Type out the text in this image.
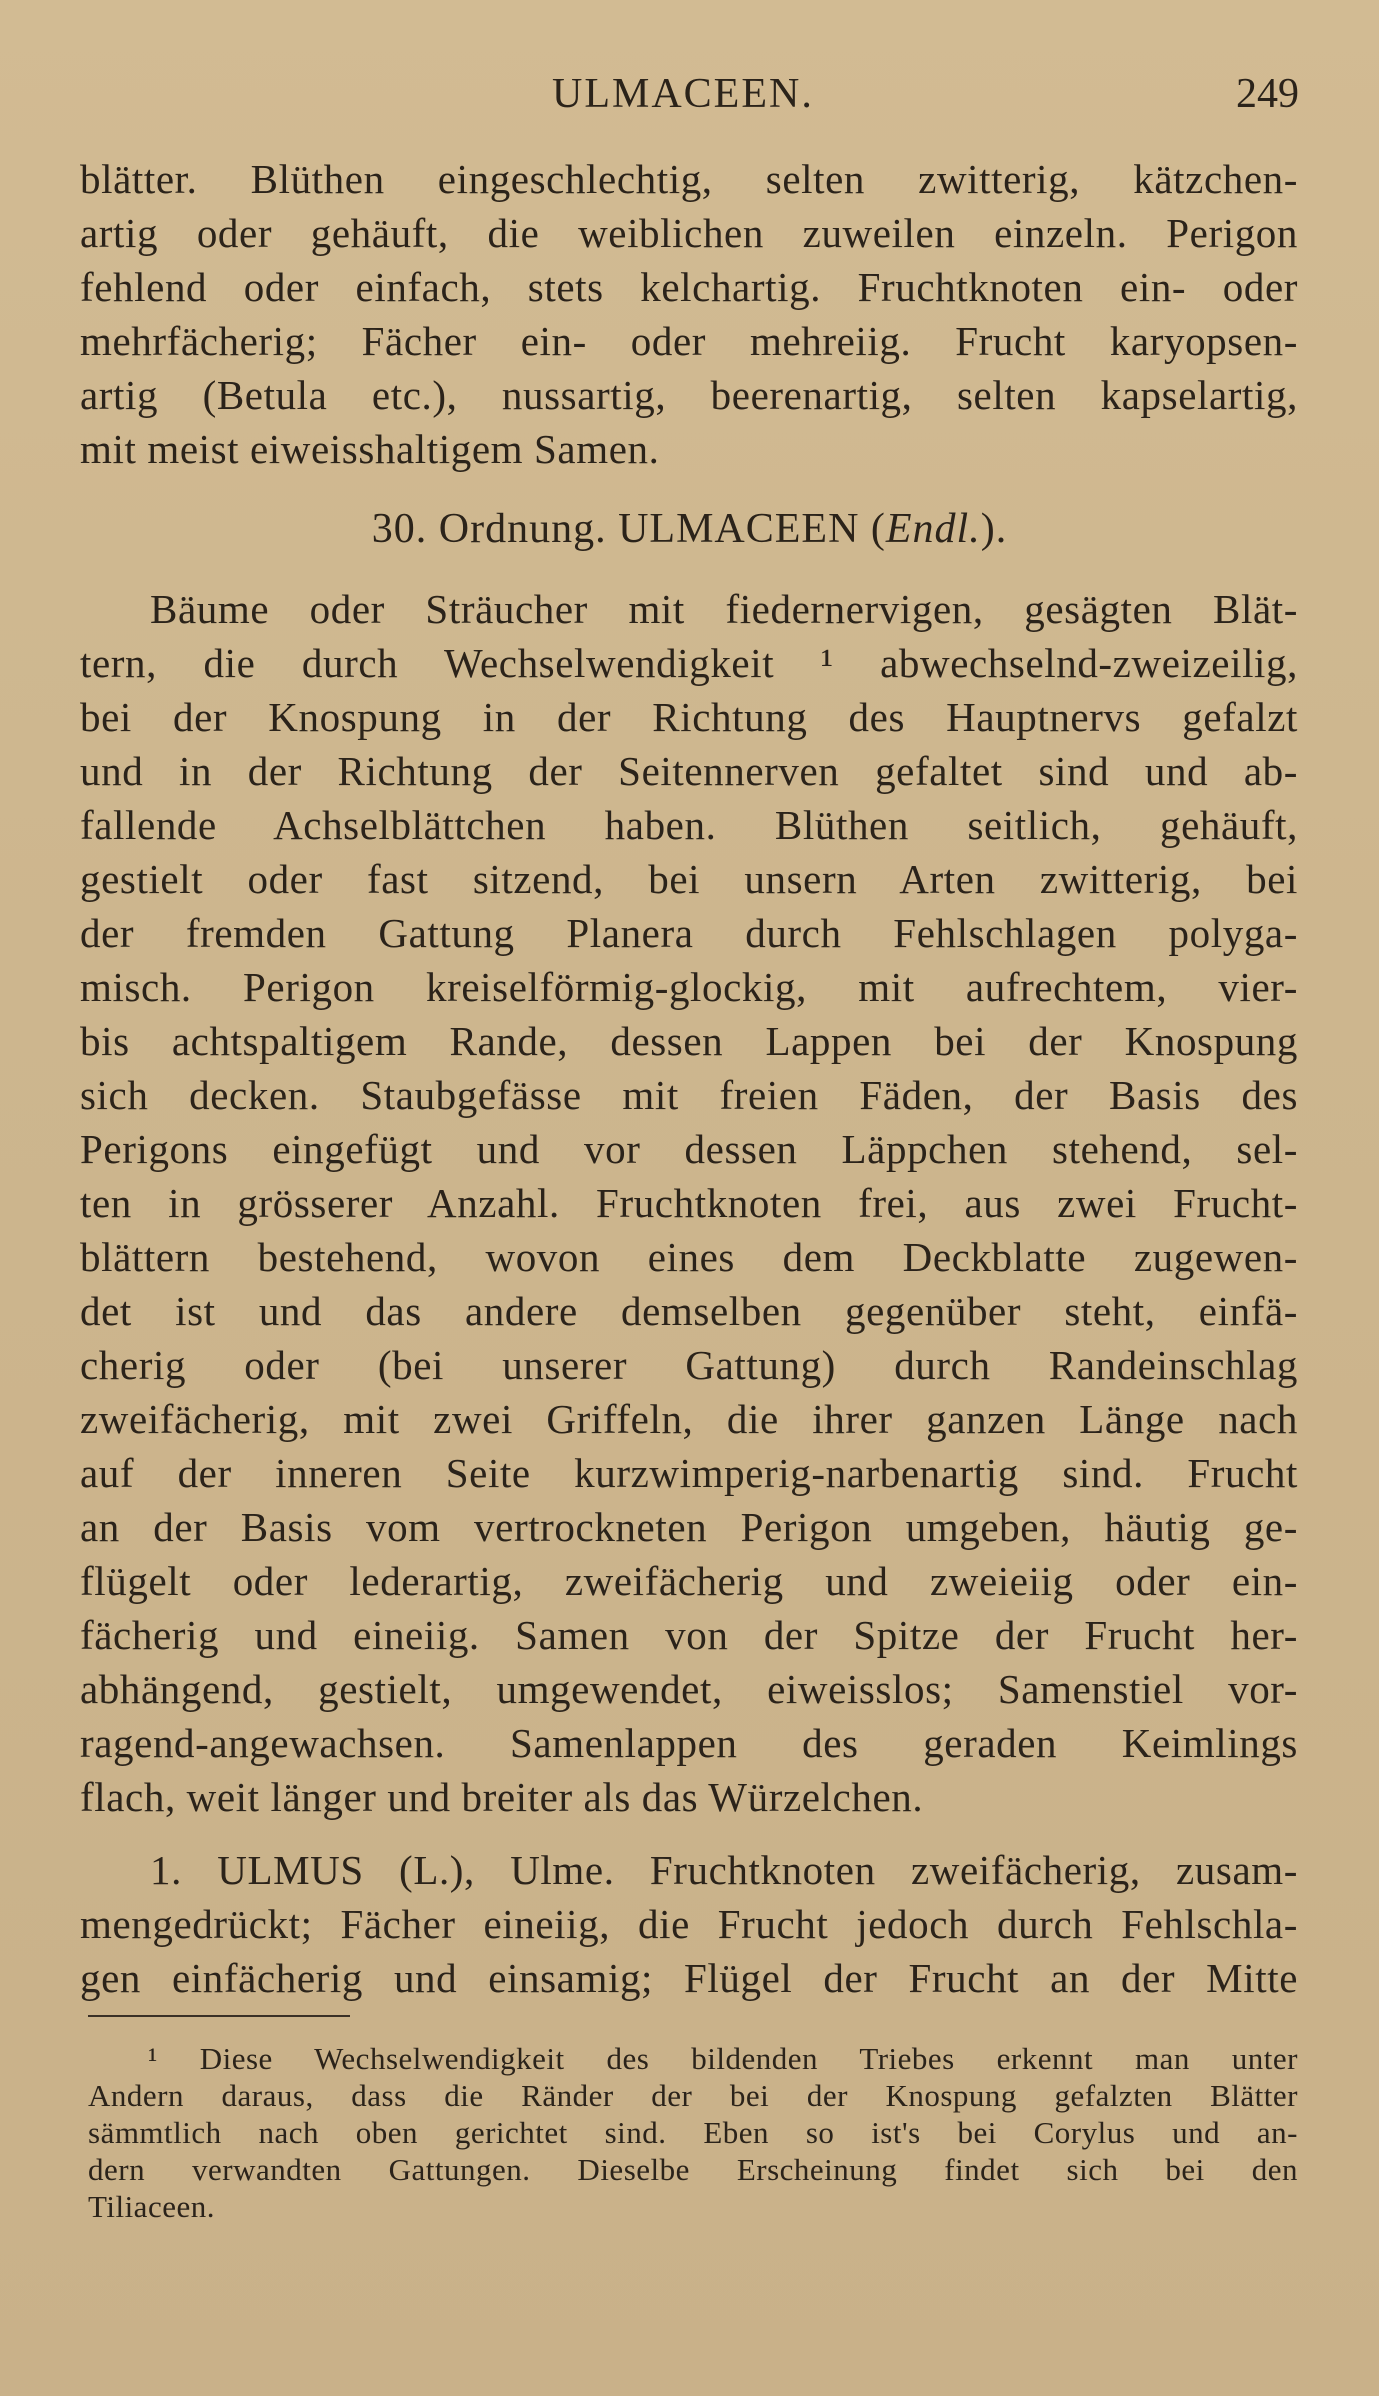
ULMACEEN.	249
blätter. Blüthen eingeschlechtig, selten zwitterig, kätzchen-
artig oder gehäuft, die weiblichen zuweilen einzeln. Perigon
fehlend oder einfach, stets kelchartig. Fruchtknoten ein- oder
mehrfächerig; Fächer ein- oder mehreiig. Frucht karyopsen-
artig (Betula etc.), nussartig, beerenartig, selten kapselartig,
mit meist eiweisshaltigem Samen.
30. Ordnung. ULMACEEN (Endl.).
Bäume oder Sträucher mit fiedernervigen, gesägten Blät-
tern, die durch Wechselwendigkeit ¹ abwechselnd-zweizeilig,
bei der Knospung in der Richtung des Hauptnervs gefalzt
und in der Richtung der Seitennerven gefaltet sind und ab-
fallende Achselblättchen haben. Blüthen seitlich, gehäuft,
gestielt oder fast sitzend, bei unsern Arten zwitterig, bei
der fremden Gattung Planera durch Fehlschlagen polyga-
misch. Perigon kreiselförmig-glockig, mit aufrechtem, vier-
bis achtspaltigem Rande, dessen Lappen bei der Knospung
sich decken. Staubgefässe mit freien Fäden, der Basis des
Perigons eingefügt und vor dessen Läppchen stehend, sel-
ten in grösserer Anzahl. Fruchtknoten frei, aus zwei Frucht-
blättern bestehend, wovon eines dem Deckblatte zugewen-
det ist und das andere demselben gegenüber steht, einfä-
cherig oder (bei unserer Gattung) durch Randeinschlag
zweifächerig, mit zwei Griffeln, die ihrer ganzen Länge nach
auf der inneren Seite kurzwimperig-narbenartig sind. Frucht
an der Basis vom vertrockneten Perigon umgeben, häutig ge-
flügelt oder lederartig, zweifächerig und zweieiig oder ein-
fächerig und eineiig. Samen von der Spitze der Frucht her-
abhängend, gestielt, umgewendet, eiweisslos; Samenstiel vor-
ragend-angewachsen. Samenlappen des geraden Keimlings
flach, weit länger und breiter als das Würzelchen.
1. ULMUS (L.), Ulme. Fruchtknoten zweifächerig, zusam-
mengedrückt; Fächer eineiig, die Frucht jedoch durch Fehlschla-
gen einfächerig und einsamig; Flügel der Frucht an der Mitte
¹ Diese Wechselwendigkeit des bildenden Triebes erkennt man unter
Andern daraus, dass die Ränder der bei der Knospung gefalzten Blätter
sämmtlich nach oben gerichtet sind. Eben so ist's bei Corylus und an-
dern verwandten Gattungen. Dieselbe Erscheinung findet sich bei den
Tiliaceen.
